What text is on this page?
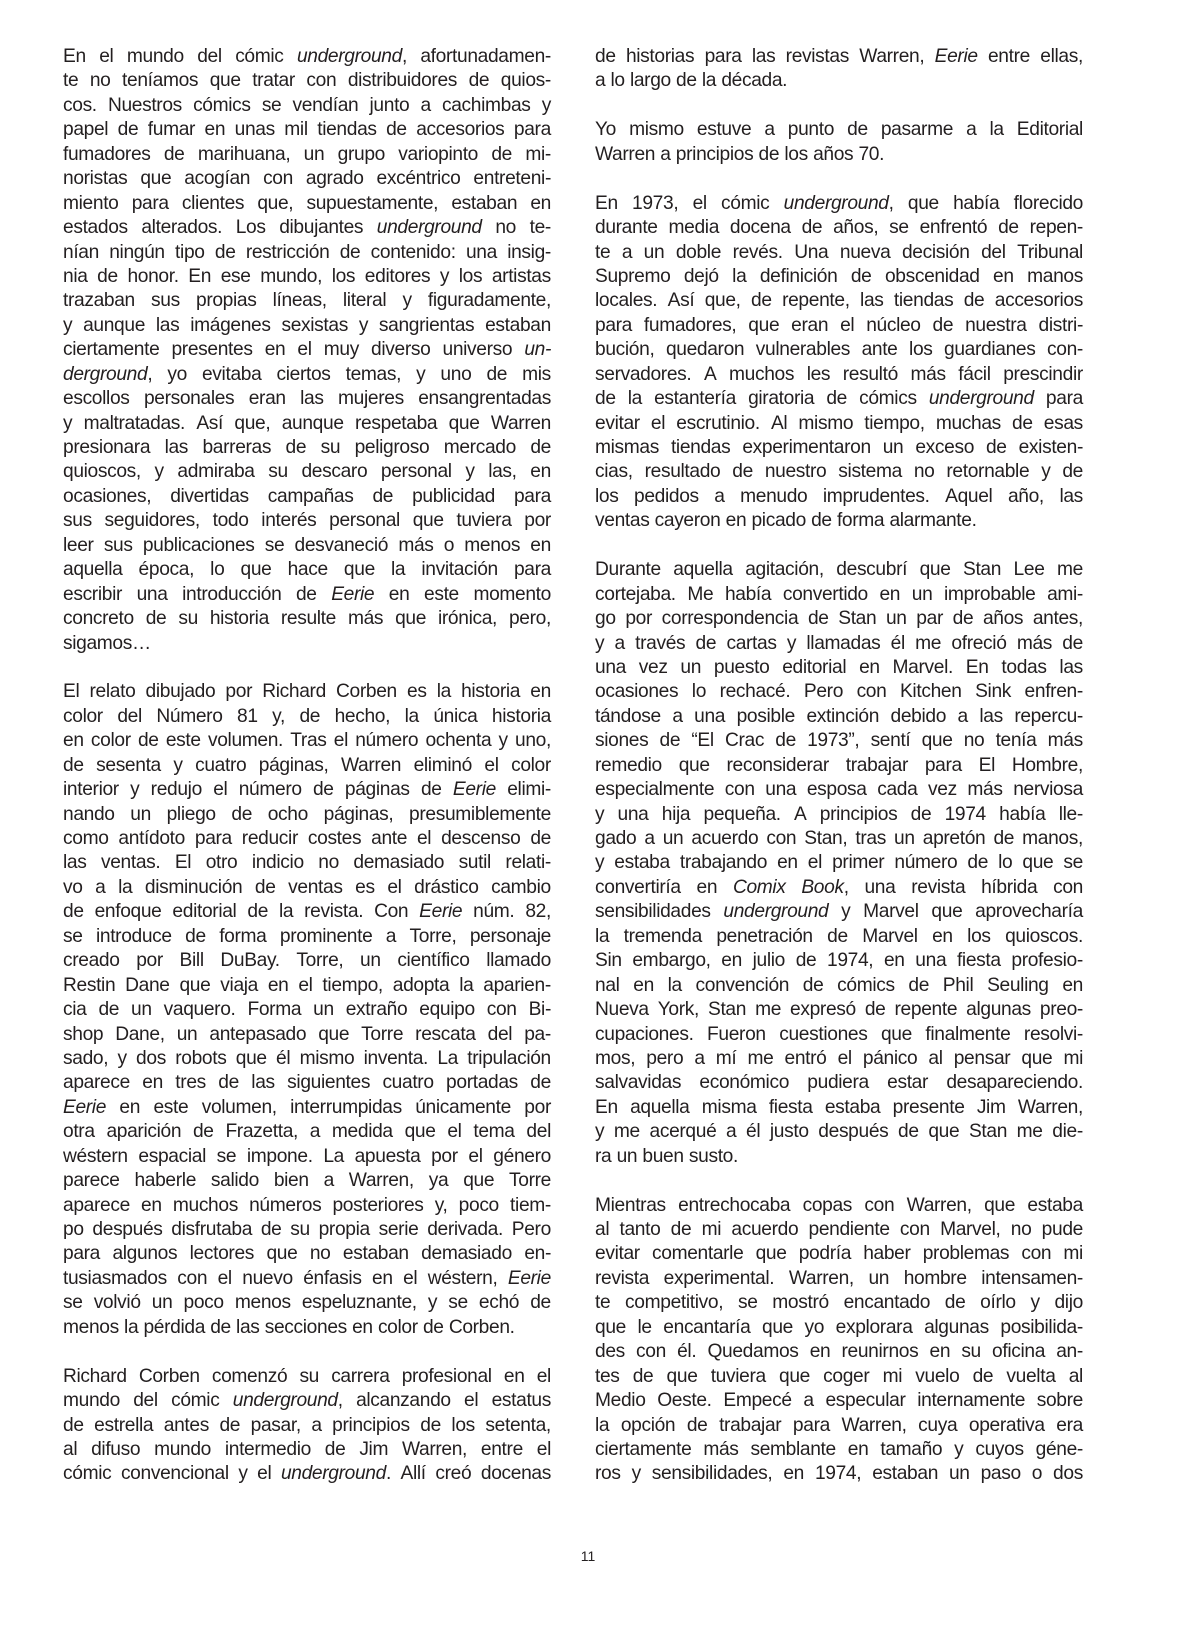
En el mundo del cómic underground, afortunadamen-
te no teníamos que tratar con distribuidores de quios-
cos. Nuestros cómics se vendían junto a cachimbas y
papel de fumar en unas mil tiendas de accesorios para
fumadores de marihuana, un grupo variopinto de mi-
noristas que acogían con agrado excéntrico entreteni-
miento para clientes que, supuestamente, estaban en
estados alterados. Los dibujantes underground no te-
nían ningún tipo de restricción de contenido: una insig-
nia de honor. En ese mundo, los editores y los artistas
trazaban sus propias líneas, literal y figuradamente,
y aunque las imágenes sexistas y sangrientas estaban
ciertamente presentes en el muy diverso universo un-
derground, yo evitaba ciertos temas, y uno de mis
escollos personales eran las mujeres ensangrentadas
y maltratadas. Así que, aunque respetaba que Warren
presionara las barreras de su peligroso mercado de
quioscos, y admiraba su descaro personal y las, en
ocasiones, divertidas campañas de publicidad para
sus seguidores, todo interés personal que tuviera por
leer sus publicaciones se desvaneció más o menos en
aquella época, lo que hace que la invitación para
escribir una introducción de Eerie en este momento
concreto de su historia resulte más que irónica, pero,
sigamos…
El relato dibujado por Richard Corben es la historia en
color del Número 81 y, de hecho, la única historia
en color de este volumen. Tras el número ochenta y uno,
de sesenta y cuatro páginas, Warren eliminó el color
interior y redujo el número de páginas de Eerie elimi-
nando un pliego de ocho páginas, presumiblemente
como antídoto para reducir costes ante el descenso de
las ventas. El otro indicio no demasiado sutil relati-
vo a la disminución de ventas es el drástico cambio
de enfoque editorial de la revista. Con Eerie núm. 82,
se introduce de forma prominente a Torre, personaje
creado por Bill DuBay. Torre, un científico llamado
Restin Dane que viaja en el tiempo, adopta la aparien-
cia de un vaquero. Forma un extraño equipo con Bi-
shop Dane, un antepasado que Torre rescata del pa-
sado, y dos robots que él mismo inventa. La tripulación
aparece en tres de las siguientes cuatro portadas de
Eerie en este volumen, interrumpidas únicamente por
otra aparición de Frazetta, a medida que el tema del
wéstern espacial se impone. La apuesta por el género
parece haberle salido bien a Warren, ya que Torre
aparece en muchos números posteriores y, poco tiem-
po después disfrutaba de su propia serie derivada. Pero
para algunos lectores que no estaban demasiado en-
tusiasmados con el nuevo énfasis en el wéstern, Eerie
se volvió un poco menos espeluznante, y se echó de
menos la pérdida de las secciones en color de Corben.
Richard Corben comenzó su carrera profesional en el
mundo del cómic underground, alcanzando el estatus
de estrella antes de pasar, a principios de los setenta,
al difuso mundo intermedio de Jim Warren, entre el
cómic convencional y el underground. Allí creó docenas
de historias para las revistas Warren, Eerie entre ellas,
a lo largo de la década.
Yo mismo estuve a punto de pasarme a la Editorial
Warren a principios de los años 70.
En 1973, el cómic underground, que había florecido
durante media docena de años, se enfrentó de repen-
te a un doble revés. Una nueva decisión del Tribunal
Supremo dejó la definición de obscenidad en manos
locales. Así que, de repente, las tiendas de accesorios
para fumadores, que eran el núcleo de nuestra distri-
bución, quedaron vulnerables ante los guardianes con-
servadores. A muchos les resultó más fácil prescindir
de la estantería giratoria de cómics underground para
evitar el escrutinio. Al mismo tiempo, muchas de esas
mismas tiendas experimentaron un exceso de existen-
cias, resultado de nuestro sistema no retornable y de
los pedidos a menudo imprudentes. Aquel año, las
ventas cayeron en picado de forma alarmante.
Durante aquella agitación, descubrí que Stan Lee me
cortejaba. Me había convertido en un improbable ami-
go por correspondencia de Stan un par de años antes,
y a través de cartas y llamadas él me ofreció más de
una vez un puesto editorial en Marvel. En todas las
ocasiones lo rechacé. Pero con Kitchen Sink enfren-
tándose a una posible extinción debido a las repercu-
siones de “El Crac de 1973”, sentí que no tenía más
remedio que reconsiderar trabajar para El Hombre,
especialmente con una esposa cada vez más nerviosa
y una hija pequeña. A principios de 1974 había lle-
gado a un acuerdo con Stan, tras un apretón de manos,
y estaba trabajando en el primer número de lo que se
convertiría en Comix Book, una revista híbrida con
sensibilidades underground y Marvel que aprovecharía
la tremenda penetración de Marvel en los quioscos.
Sin embargo, en julio de 1974, en una fiesta profesio-
nal en la convención de cómics de Phil Seuling en
Nueva York, Stan me expresó de repente algunas preo-
cupaciones. Fueron cuestiones que finalmente resolvi-
mos, pero a mí me entró el pánico al pensar que mi
salvavidas económico pudiera estar desapareciendo.
En aquella misma fiesta estaba presente Jim Warren,
y me acerqué a él justo después de que Stan me die-
ra un buen susto.
Mientras entrechocaba copas con Warren, que estaba
al tanto de mi acuerdo pendiente con Marvel, no pude
evitar comentarle que podría haber problemas con mi
revista experimental. Warren, un hombre intensamen-
te competitivo, se mostró encantado de oírlo y dijo
que le encantaría que yo explorara algunas posibilida-
des con él. Quedamos en reunirnos en su oficina an-
tes de que tuviera que coger mi vuelo de vuelta al
Medio Oeste. Empecé a especular internamente sobre
la opción de trabajar para Warren, cuya operativa era
ciertamente más semblante en tamaño y cuyos géne-
ros y sensibilidades, en 1974, estaban un paso o dos
11
